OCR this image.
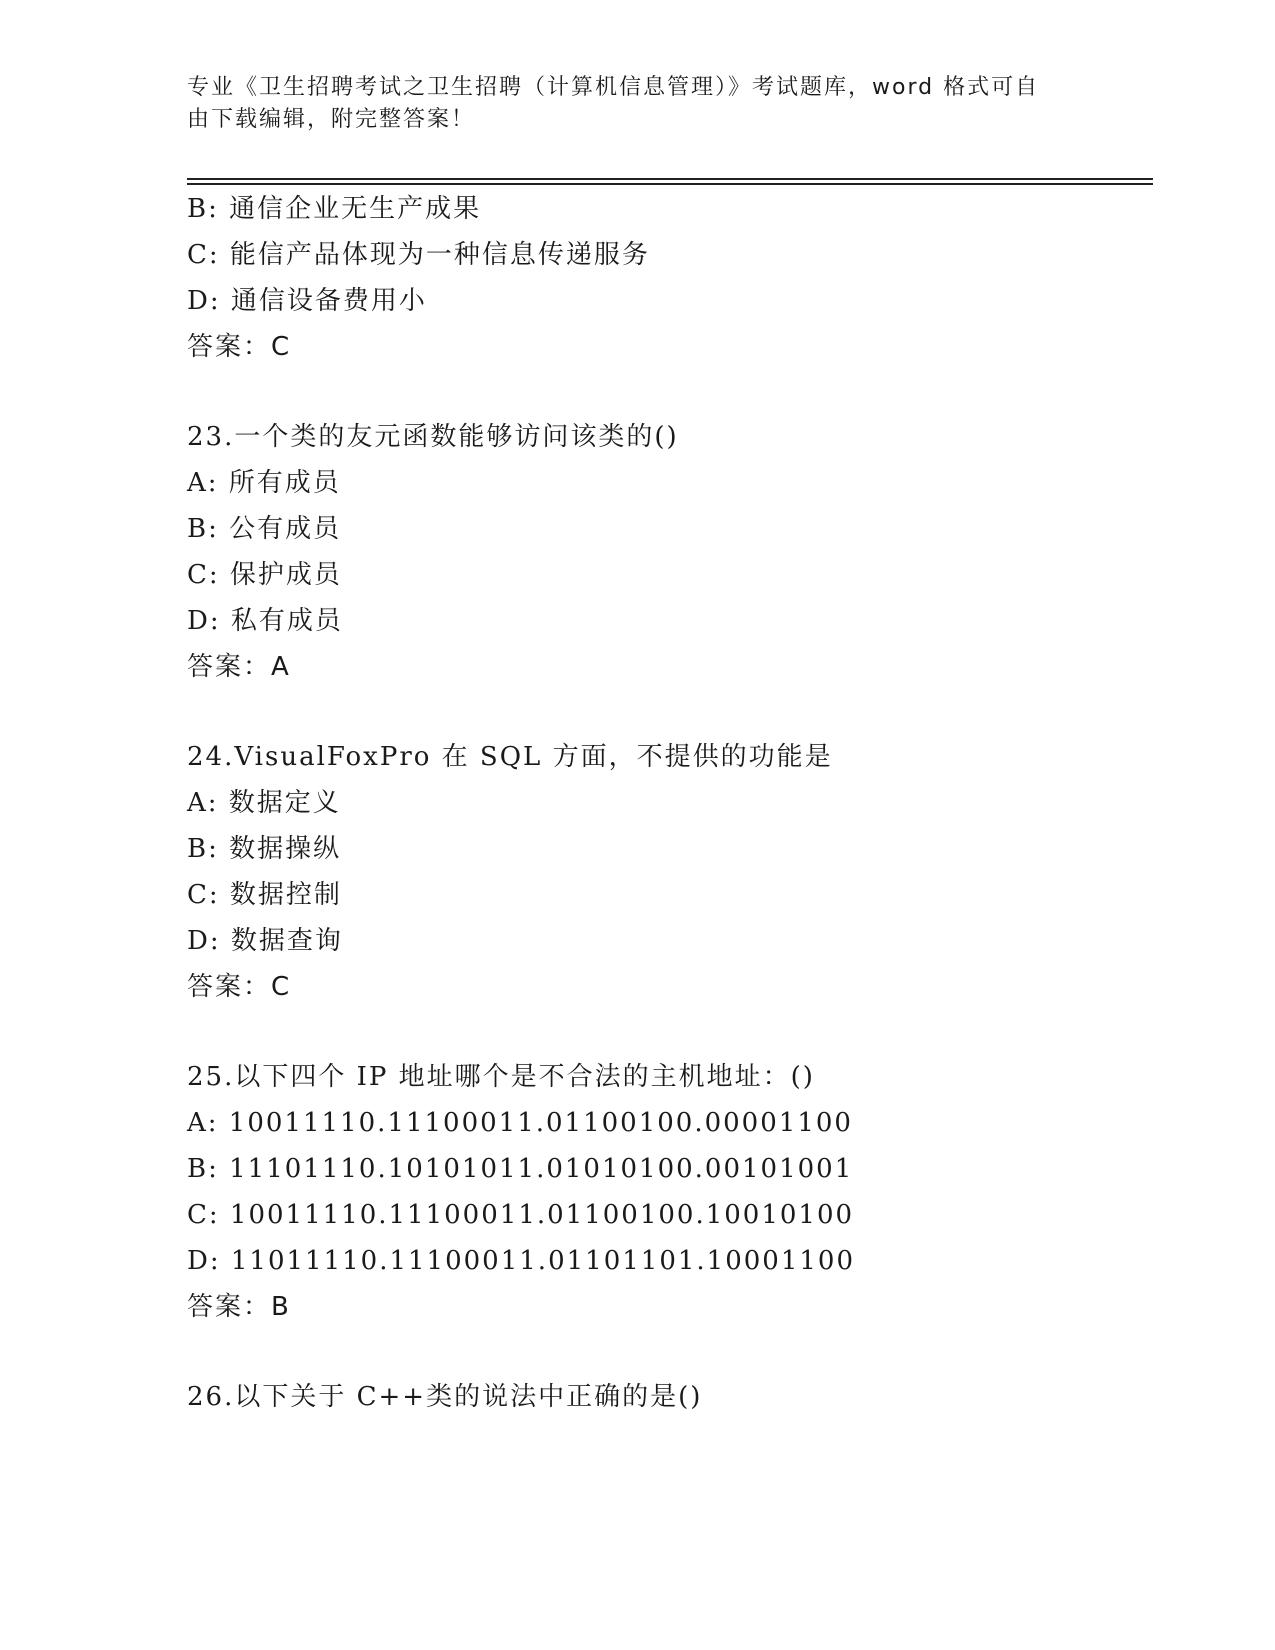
专业《卫生招聘考试之卫生招聘（计算机信息管理）》考试题库，word 格式可自
由下载编辑，附完整答案！
B: 通信企业无生产成果
C: 能信产品体现为一种信息传递服务
D: 通信设备费用小
答案：C
23.一个类的友元函数能够访问该类的()
A: 所有成员
B: 公有成员
C: 保护成员
D: 私有成员
答案：A
24.VisualFoxPro 在 SQL 方面，不提供的功能是
A: 数据定义
B: 数据操纵
C: 数据控制
D: 数据查询
答案：C
25.以下四个 IP 地址哪个是不合法的主机地址：()
A: 10011110.11100011.01100100.00001100
B: 11101110.10101011.01010100.00101001
C: 10011110.11100011.01100100.10010100
D: 11011110.11100011.01101101.10001100
答案：B
26.以下关于 C++类的说法中正确的是()
